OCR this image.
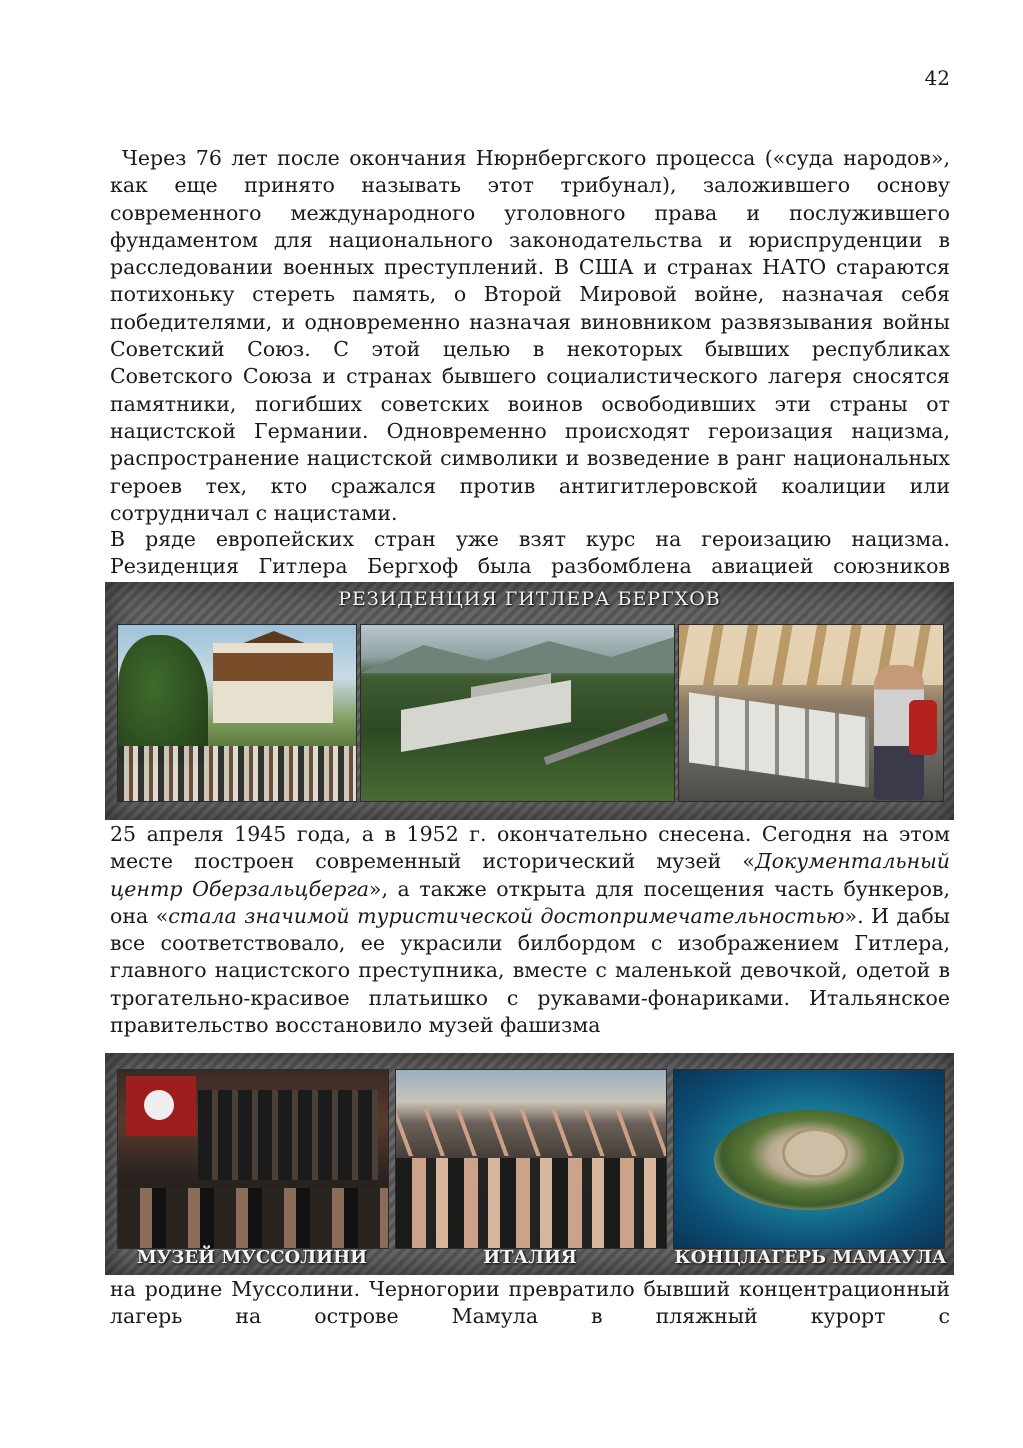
42

Через 76 лет после окончания Нюрнбергского процесса («суда народов», как еще принято называть этот трибунал), заложившего основу современного международного уголовного права и послужившего фундаментом для национального законодательства и юриспруденции в расследовании военных преступлений. В США и странах НАТО стараются потихоньку стереть память, о Второй Мировой войне, назначая себя победителями, и одновременно назначая виновником развязывания войны Советский Союз. С этой целью в некоторых бывших республиках Советского Союза и странах бывшего социалистического лагеря сносятся памятники, погибших советских воинов освободивших эти страны от нацистской Германии. Одновременно происходят героизация нацизма, распространение нацистской символики и возведение в ранг национальных героев тех, кто сражался против антигитлеровской коалиции или сотрудничал с нацистами.

В ряде европейских стран уже взят курс на героизацию нацизма. Резиденция Гитлера Бергхоф была разбомблена авиацией союзников

РЕЗИДЕНЦИЯ ГИТЛЕРА БЕРГХОВ

25 апреля 1945 года, а в 1952 г. окончательно снесена. Сегодня на этом месте построен современный исторический музей «Документальный центр Оберзальцберга», а также открыта для посещения часть бункеров, она «стала значимой туристической достопримечательностью». И дабы все соответствовало, ее украсили билбордом с изображением Гитлера, главного нацистского преступника, вместе с маленькой девочкой, одетой в трогательно-красивое платьишко с рукавами-фонариками. Итальянское правительство восстановило музей фашизма

МУЗЕЙ МУССОЛИНИ	ИТАЛИЯ	КОНЦЛАГЕРЬ МАМАУЛА

на родине Муссолини. Черногории превратило бывший концентрационный лагерь на острове Мамула в пляжный курорт с
